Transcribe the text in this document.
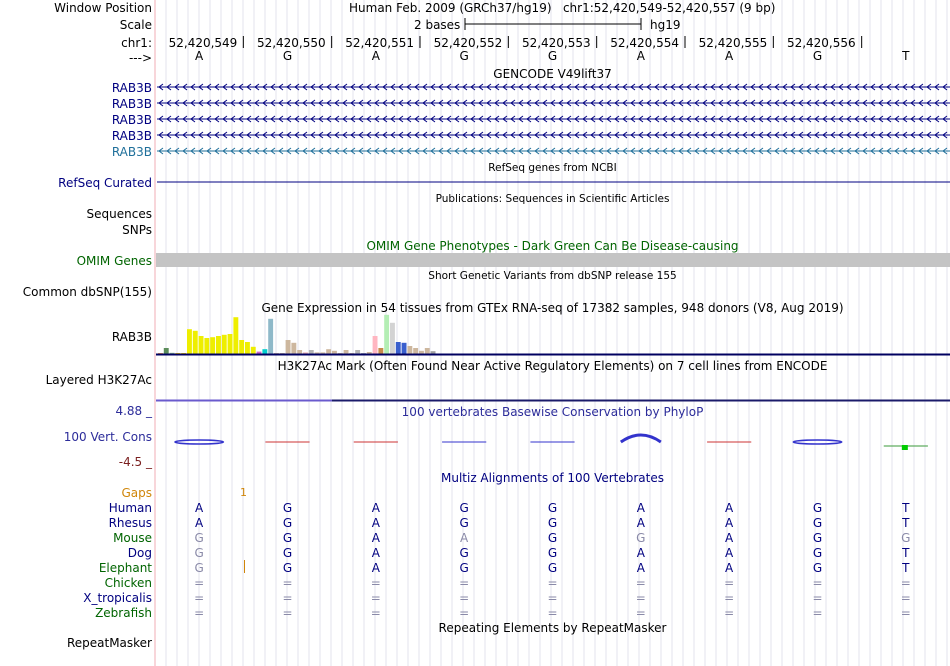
Window Position	Human Feb. 2009 (GRCh37/hg19)   chr1:52,420,549-52,420,557 (9 bp)
Scale	2 bases	hg19
chr1:	52,420,549	52,420,550	52,420,551	52,420,552	52,420,553	52,420,554	52,420,555	52,420,556
--->	A	G	A	G	G	A	A	G	T
GENCODE V49lift37
RAB3B
RAB3B
RAB3B
RAB3B
RAB3B
RefSeq genes from NCBI
RefSeq Curated
Publications: Sequences in Scientific Articles
Sequences
SNPs
OMIM Gene Phenotypes - Dark Green Can Be Disease-causing
OMIM Genes
Short Genetic Variants from dbSNP release 155
Common dbSNP(155)
Gene Expression in 54 tissues from GTEx RNA-seq of 17382 samples, 948 donors (V8, Aug 2019)
RAB3B
H3K27Ac Mark (Often Found Near Active Regulatory Elements) on 7 cell lines from ENCODE
Layered H3K27Ac
100 vertebrates Basewise Conservation by PhyloP
4.88 _
100 Vert. Cons
-4.5 _
Multiz Alignments of 100 Vertebrates
Gaps	1
Human	A	G	A	G	G	A	A	G	T
Rhesus	A	G	A	G	G	A	A	G	T
Mouse	G	G	A	A	G	G	A	G	G
Dog	G	G	A	G	G	A	A	G	T
Elephant	G	G	A	G	G	A	A	G	T
Chicken	=	=	=	=	=	=	=	=	=
X_tropicalis	=	=	=	=	=	=	=	=	=
Zebrafish	=	=	=	=	=	=	=	=	=
Repeating Elements by RepeatMasker
RepeatMasker
